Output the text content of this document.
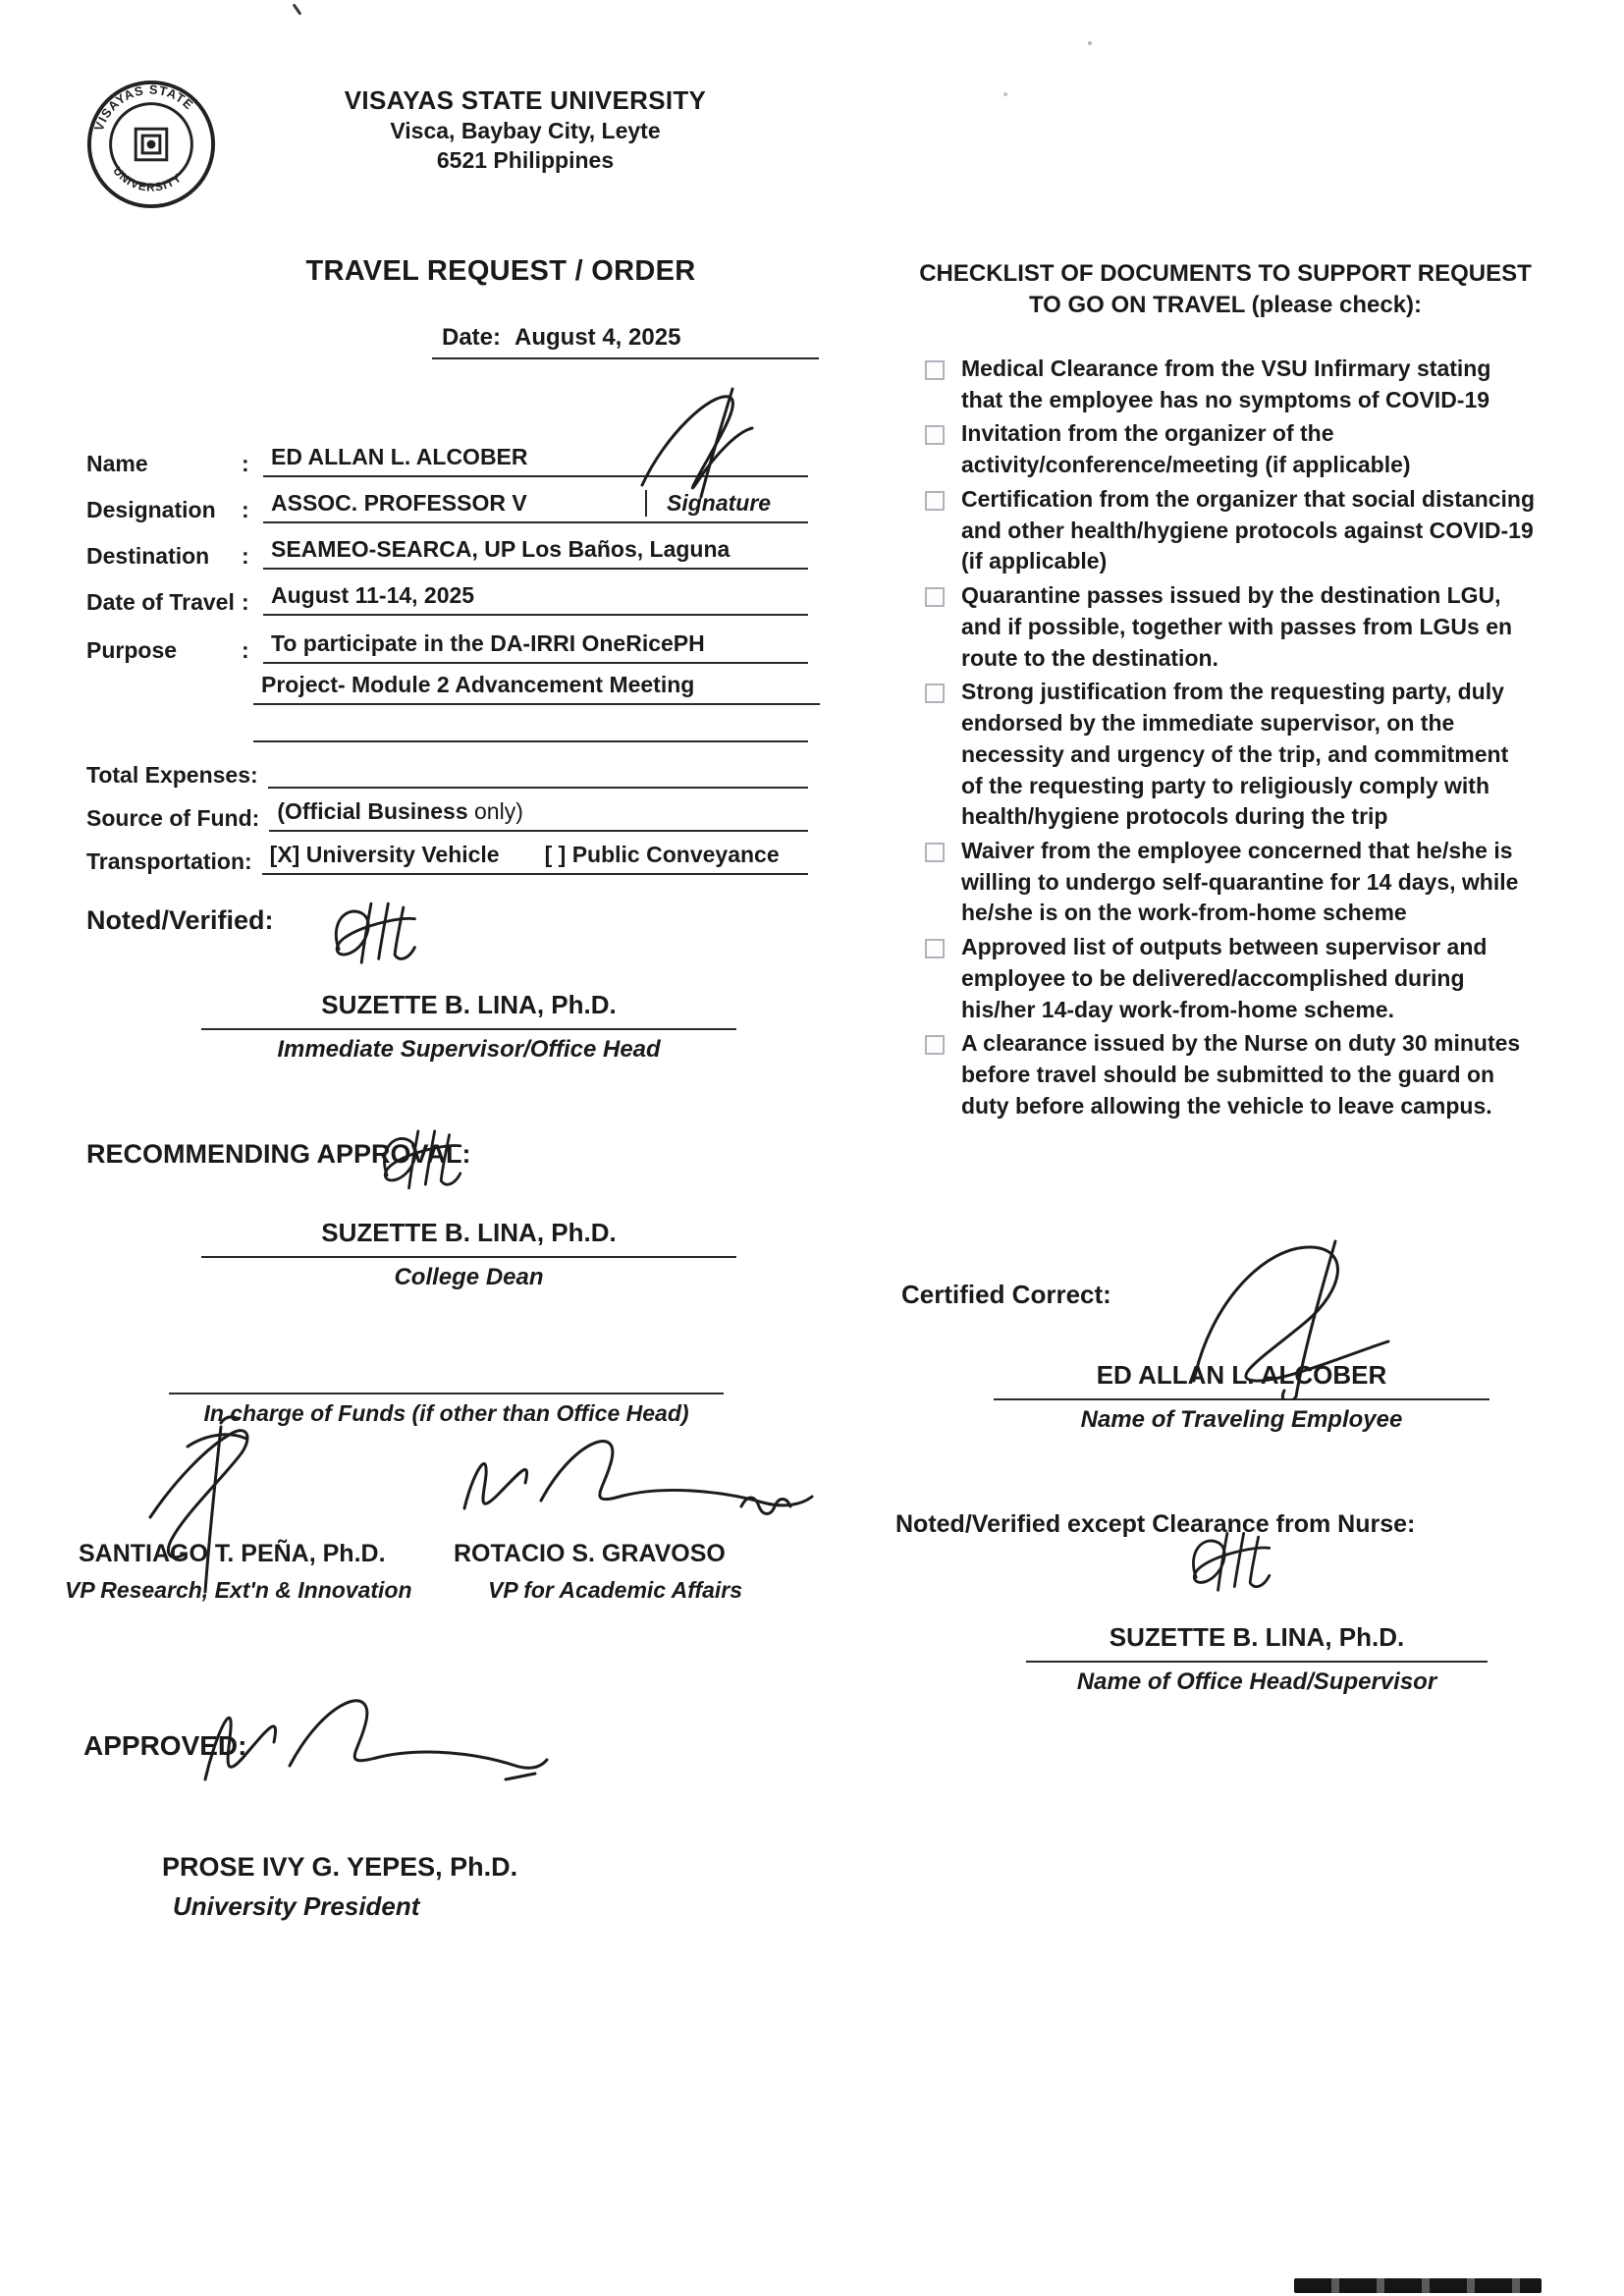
VISAYAS STATE
UNIVERSITY
VISAYAS STATE UNIVERSITY
Visca, Baybay City, Leyte
6521 Philippines
TRAVEL REQUEST / ORDER
Date: August 4, 2025
Name	: ED ALLAN L. ALCOBER
Designation	: ASSOC. PROFESSOR V	Signature
Destination	: SEAMEO-SEARCA, UP Los Baños, Laguna
Date of Travel : August 11-14, 2025
Purpose	: To participate in the DA-IRRI OneRicePH
Project- Module 2 Advancement Meeting
Total Expenses:
Source of Fund: (Official Business only)
Transportation: [X] University Vehicle [ ] Public Conveyance
Noted/Verified:
SUZETTE B. LINA, Ph.D.
Immediate Supervisor/Office Head
RECOMMENDING APPROVAL:
SUZETTE B. LINA, Ph.D.
College Dean
In charge of Funds (if other than Office Head)
SANTIAGO T. PEÑA, Ph.D.	ROTACIO S. GRAVOSO
VP Research, Ext'n & Innovation	VP for Academic Affairs
APPROVED:
PROSE IVY G. YEPES, Ph.D.
University President
CHECKLIST OF DOCUMENTS TO SUPPORT REQUEST
TO GO ON TRAVEL (please check):
Medical Clearance from the VSU Infirmary stating that the employee has no symptoms of COVID-19
Invitation from the organizer of the activity/conference/meeting (if applicable)
Certification from the organizer that social distancing and other health/hygiene protocols against COVID-19 (if applicable)
Quarantine passes issued by the destination LGU, and if possible, together with passes from LGUs en route to the destination.
Strong justification from the requesting party, duly endorsed by the immediate supervisor, on the necessity and urgency of the trip, and commitment of the requesting party to religiously comply with health/hygiene protocols during the trip
Waiver from the employee concerned that he/she is willing to undergo self-quarantine for 14 days, while he/she is on the work-from-home scheme
Approved list of outputs between supervisor and employee to be delivered/accomplished during his/her 14-day work-from-home scheme.
A clearance issued by the Nurse on duty 30 minutes before travel should be submitted to the guard on duty before allowing the vehicle to leave campus.
Certified Correct:
ED ALLAN L. ALCOBER
Name of Traveling Employee
Noted/Verified except Clearance from Nurse:
SUZETTE B. LINA, Ph.D.
Name of Office Head/Supervisor
